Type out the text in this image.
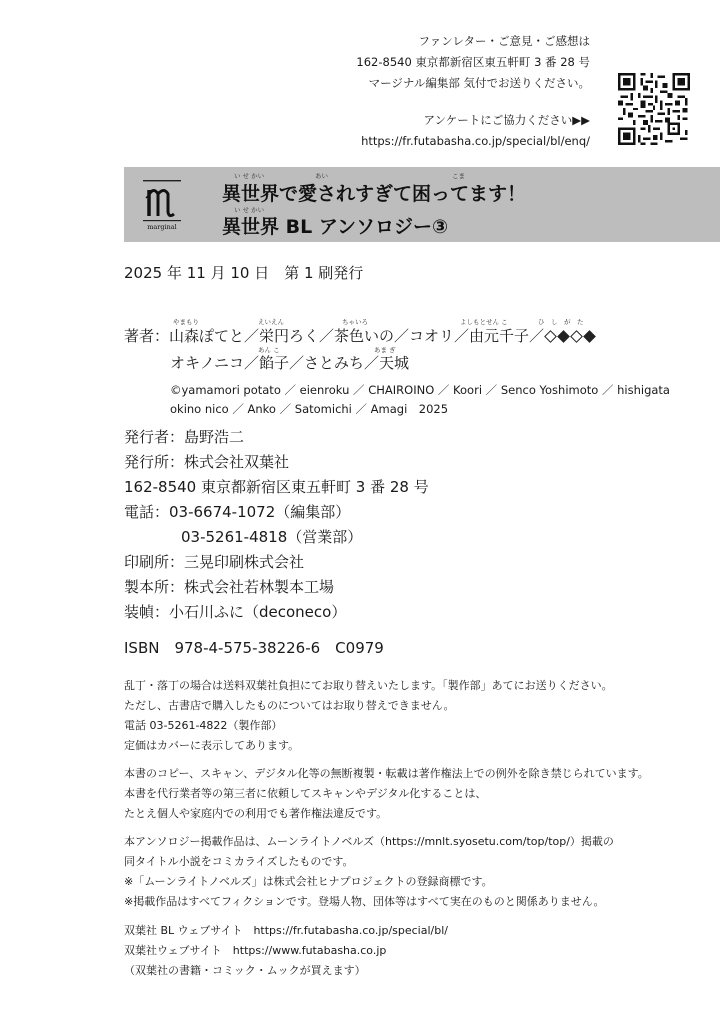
ファンレター・ご意見・ご感想は
162-8540 東京都新宿区東五軒町 3 番 28 号
マージナル編集部 気付でお送りください。
アンケートにご協力ください▶▶
https://fr.futabasha.co.jp/special/bl/enq/
marginal
い せ かい	あい	こま
異世界で愛されすぎて困ってます！
い せ かい
異世界 BL アンソロジー③
2025 年 11 月 10 日　第 1 刷発行
やまもり	えいえん	ちゃいろ	よしもとせん こ	ひ　し　が　た
著者：山森ぽてと／栄円ろく／茶色いの／コオリ／由元千子／
あん こ	あま ぎ
オキノニコ／餡子／さとみち／天城
©yamamori potato ／ eienroku ／ CHAIROINO ／ Koori ／ Senco Yoshimoto ／ hishigata
okino nico ／ Anko ／ Satomichi ／ Amagi　2025
発行者：島野浩二
発行所：株式会社双葉社
162-8540 東京都新宿区東五軒町 3 番 28 号
電話：03-6674-1072（編集部）
03-5261-4818（営業部）
印刷所：三晃印刷株式会社
製本所：株式会社若林製本工場
装幀：小石川ふに（deconeco）
ISBN　978-4-575-38226-6　C0979
乱丁・落丁の場合は送料双葉社負担にてお取り替えいたします。「製作部」あてにお送りください。
ただし、古書店で購入したものについてはお取り替えできません。
電話 03-5261-4822（製作部）
定価はカバーに表示してあります。
本書のコピー、スキャン、デジタル化等の無断複製・転載は著作権法上での例外を除き禁じられています。
本書を代行業者等の第三者に依頼してスキャンやデジタル化することは、
たとえ個人や家庭内での利用でも著作権法違反です。
本アンソロジー掲載作品は、ムーンライトノベルズ（https://mnlt.syosetu.com/top/top/）掲載の
同タイトル小説をコミカライズしたものです。
※「ムーンライトノベルズ」は株式会社ヒナプロジェクトの登録商標です。
※掲載作品はすべてフィクションです。登場人物、団体等はすべて実在のものと関係ありません。
双葉社 BL ウェブサイト　https://fr.futabasha.co.jp/special/bl/
双葉社ウェブサイト　https://www.futabasha.co.jp
（双葉社の書籍・コミック・ムックが買えます）
